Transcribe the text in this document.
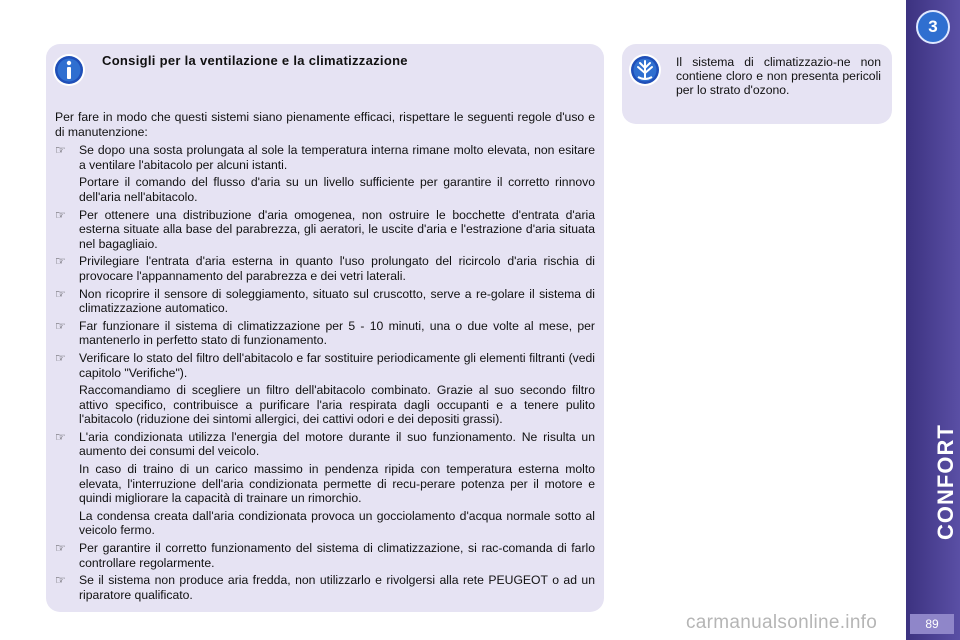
Consigli per la ventilazione e la climatizzazione

Per fare in modo che questi sistemi siano pienamente efficaci, rispettare le seguenti regole d'uso e di manutenzione:

☞	Se dopo una sosta prolungata al sole la temperatura interna rimane molto elevata, non esitare a ventilare l'abitacolo per alcuni istanti.

Portare il comando del flusso d'aria su un livello sufficiente per garantire il corretto rinnovo dell'aria nell'abitacolo.

☞	Per ottenere una distribuzione d'aria omogenea, non ostruire le bocchette d'entrata d'aria esterna situate alla base del parabrezza, gli aeratori, le uscite d'aria e l'estrazione d'aria situata nel bagagliaio.
☞	Privilegiare l'entrata d'aria esterna in quanto l'uso prolungato del ricircolo d'aria rischia di provocare l'appannamento del parabrezza e dei vetri laterali.
☞	Non ricoprire il sensore di soleggiamento, situato sul cruscotto, serve a re-golare il sistema di climatizzazione automatico.
☞	Far funzionare il sistema di climatizzazione per 5 - 10 minuti, una o due volte al mese, per mantenerlo in perfetto stato di funzionamento.
☞	Verificare lo stato del filtro dell'abitacolo e far sostituire periodicamente gli elementi filtranti (vedi capitolo "Verifiche").

Raccomandiamo di scegliere un filtro dell'abitacolo combinato. Grazie al suo secondo filtro attivo specifico, contribuisce a purificare l'aria respirata dagli occupanti e a tenere pulito l'abitacolo (riduzione dei sintomi allergici, dei cattivi odori e dei depositi grassi).

☞	L'aria condizionata utilizza l'energia del motore durante il suo funzionamento. Ne risulta un aumento dei consumi del veicolo.

In caso di traino di un carico massimo in pendenza ripida con temperatura esterna molto elevata, l'interruzione dell'aria condizionata permette di recu-perare potenza per il motore e quindi migliorare la capacità di trainare un rimorchio.

La condensa creata dall'aria condizionata provoca un gocciolamento d'acqua normale sotto al veicolo fermo.

☞	Per garantire il corretto funzionamento del sistema di climatizzazione, si rac-comanda di farlo controllare regolarmente.
☞	Se il sistema non produce aria fredda, non utilizzarlo e rivolgersi alla rete PEUGEOT o ad un riparatore qualificato.
Il sistema di climatizzazio-ne non contiene cloro e non presenta pericoli per lo strato d'ozono.
3
CONFORT
89
carmanualsonline.info
